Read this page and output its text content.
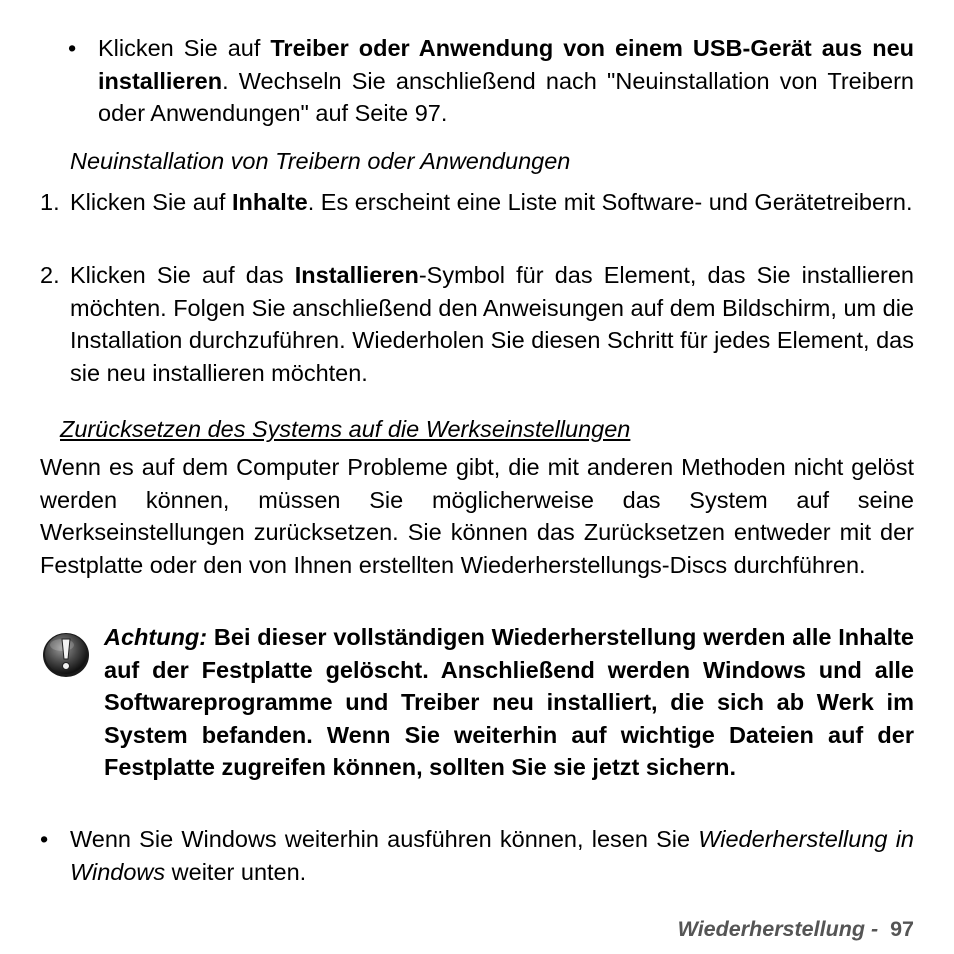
• Klicken Sie auf Treiber oder Anwendung von einem USB-Gerät aus neu installieren. Wechseln Sie anschließend nach "Neuinstallation von Treibern oder Anwendungen" auf Seite 97.
Neuinstallation von Treibern oder Anwendungen
1. Klicken Sie auf Inhalte. Es erscheint eine Liste mit Software- und Gerätetreibern.
2. Klicken Sie auf das Installieren-Symbol für das Element, das Sie installieren möchten. Folgen Sie anschließend den Anweisungen auf dem Bildschirm, um die Installation durchzuführen. Wiederholen Sie diesen Schritt für jedes Element, das sie neu installieren möchten.
Zurücksetzen des Systems auf die Werkseinstellungen
Wenn es auf dem Computer Probleme gibt, die mit anderen Methoden nicht gelöst werden können, müssen Sie möglicherweise das System auf seine Werkseinstellungen zurücksetzen. Sie können das Zurücksetzen entweder mit der Festplatte oder den von Ihnen erstellten Wiederherstellungs-Discs durchführen.
Achtung: Bei dieser vollständigen Wiederherstellung werden alle Inhalte auf der Festplatte gelöscht. Anschließend werden Windows und alle Softwareprogramme und Treiber neu installiert, die sich ab Werk im System befanden. Wenn Sie weiterhin auf wichtige Dateien auf der Festplatte zugreifen können, sollten Sie sie jetzt sichern.
• Wenn Sie Windows weiterhin ausführen können, lesen Sie Wiederherstellung in Windows weiter unten.
Wiederherstellung - 97
